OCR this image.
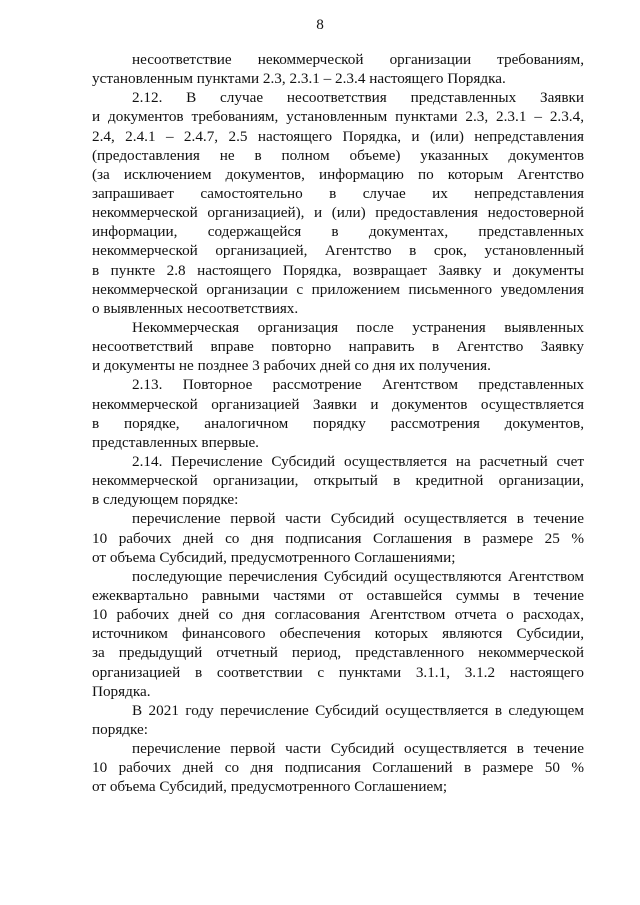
8
несоответствие некоммерческой организации требованиям,
установленным пунктами 2.3, 2.3.1 – 2.3.4 настоящего Порядка.
2.12. В случае несоответствия представленных Заявки
и документов требованиям, установленным пунктами 2.3, 2.3.1 – 2.3.4,
2.4, 2.4.1 – 2.4.7, 2.5 настоящего Порядка, и (или) непредставления
(предоставления не в полном объеме) указанных документов
(за исключением документов, информацию по которым Агентство
запрашивает самостоятельно в случае их непредставления
некоммерческой организацией), и (или) предоставления недостоверной
информации, содержащейся в документах, представленных
некоммерческой организацией, Агентство в срок, установленный
в пункте 2.8 настоящего Порядка, возвращает Заявку и документы
некоммерческой организации с приложением письменного уведомления
о выявленных несоответствиях.
Некоммерческая организация после устранения выявленных
несоответствий вправе повторно направить в Агентство Заявку
и документы не позднее 3 рабочих дней со дня их получения.
2.13. Повторное рассмотрение Агентством представленных
некоммерческой организацией Заявки и документов осуществляется
в порядке, аналогичном порядку рассмотрения документов,
представленных впервые.
2.14. Перечисление Субсидий осуществляется на расчетный счет
некоммерческой организации, открытый в кредитной организации,
в следующем порядке:
перечисление первой части Субсидий осуществляется в течение
10 рабочих дней со дня подписания Соглашения в размере 25 %
от объема Субсидий, предусмотренного Соглашениями;
последующие перечисления Субсидий осуществляются Агентством
ежеквартально равными частями от оставшейся суммы в течение
10 рабочих дней со дня согласования Агентством отчета о расходах,
источником финансового обеспечения которых являются Субсидии,
за предыдущий отчетный период, представленного некоммерческой
организацией в соответствии с пунктами 3.1.1, 3.1.2 настоящего
Порядка.
В 2021 году перечисление Субсидий осуществляется в следующем
порядке:
перечисление первой части Субсидий осуществляется в течение
10 рабочих дней со дня подписания Соглашений в размере 50 %
от объема Субсидий, предусмотренного Соглашением;
